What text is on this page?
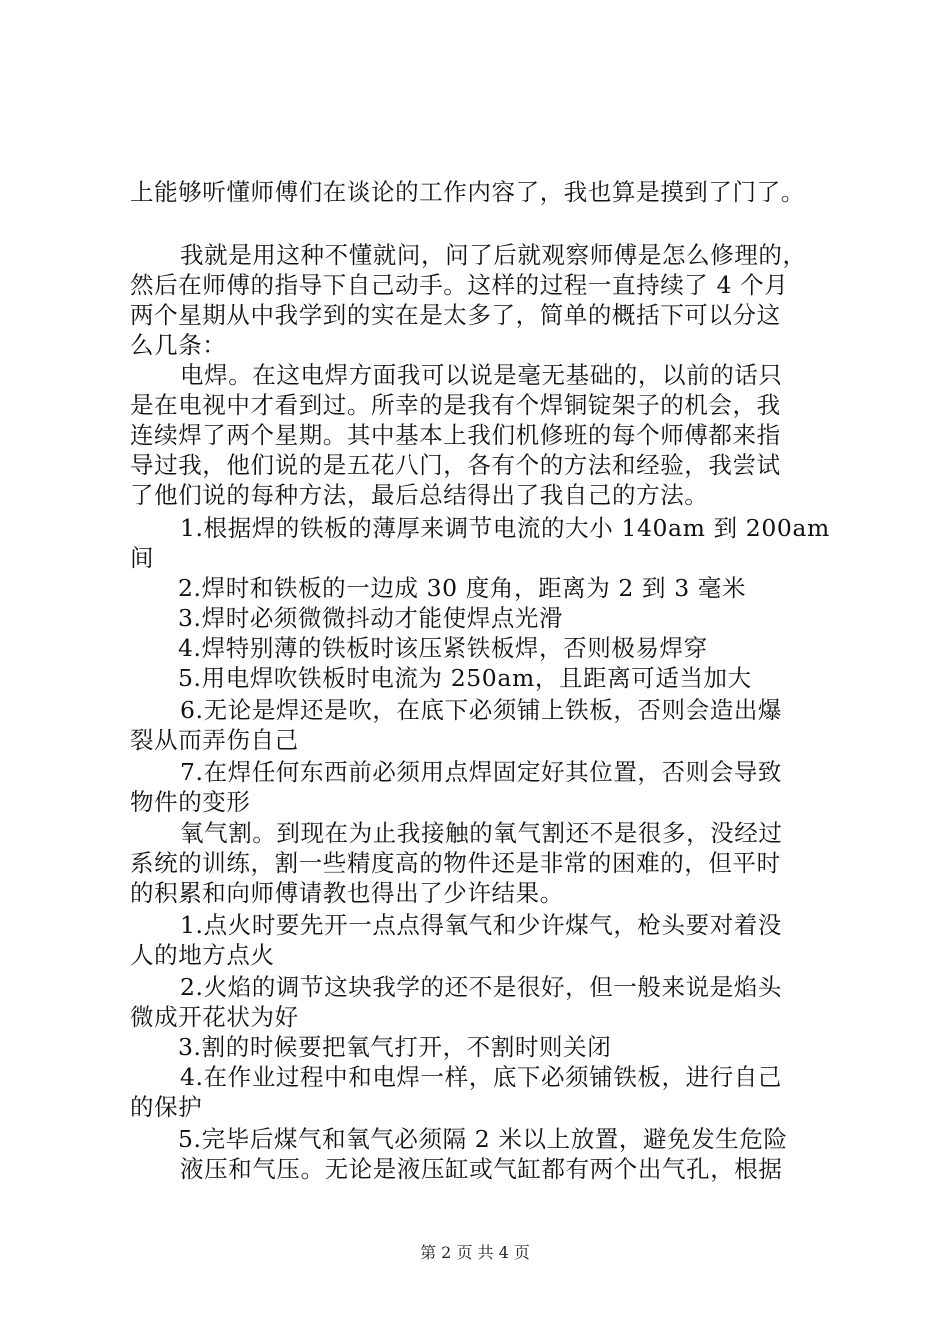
上能够听懂师傅们在谈论的工作内容了，我也算是摸到了门了。
我就是用这种不懂就问，问了后就观察师傅是怎么修理的，
然后在师傅的指导下自己动手。这样的过程一直持续了 4 个月
两个星期从中我学到的实在是太多了，简单的概括下可以分这
么几条：
电焊。在这电焊方面我可以说是毫无基础的，以前的话只
是在电视中才看到过。所幸的是我有个焊铜锭架子的机会，我
连续焊了两个星期。其中基本上我们机修班的每个师傅都来指
导过我，他们说的是五花八门，各有个的方法和经验，我尝试
了他们说的每种方法，最后总结得出了我自己的方法。
1.根据焊的铁板的薄厚来调节电流的大小 140am 到 200am
间
2.焊时和铁板的一边成 30 度角，距离为 2 到 3 毫米
3.焊时必须微微抖动才能使焊点光滑
4.焊特别薄的铁板时该压紧铁板焊，否则极易焊穿
5.用电焊吹铁板时电流为 250am，且距离可适当加大
6.无论是焊还是吹，在底下必须铺上铁板，否则会造出爆
裂从而弄伤自己
7.在焊任何东西前必须用点焊固定好其位置，否则会导致
物件的变形
氧气割。到现在为止我接触的氧气割还不是很多，没经过
系统的训练，割一些精度高的物件还是非常的困难的，但平时
的积累和向师傅请教也得出了少许结果。
1.点火时要先开一点点得氧气和少许煤气，枪头要对着没
人的地方点火
2.火焰的调节这块我学的还不是很好，但一般来说是焰头
微成开花状为好
3.割的时候要把氧气打开，不割时则关闭
4.在作业过程中和电焊一样，底下必须铺铁板，进行自己
的保护
5.完毕后煤气和氧气必须隔 2 米以上放置，避免发生危险
液压和气压。无论是液压缸或气缸都有两个出气孔，根据
第 2 页 共 4 页
